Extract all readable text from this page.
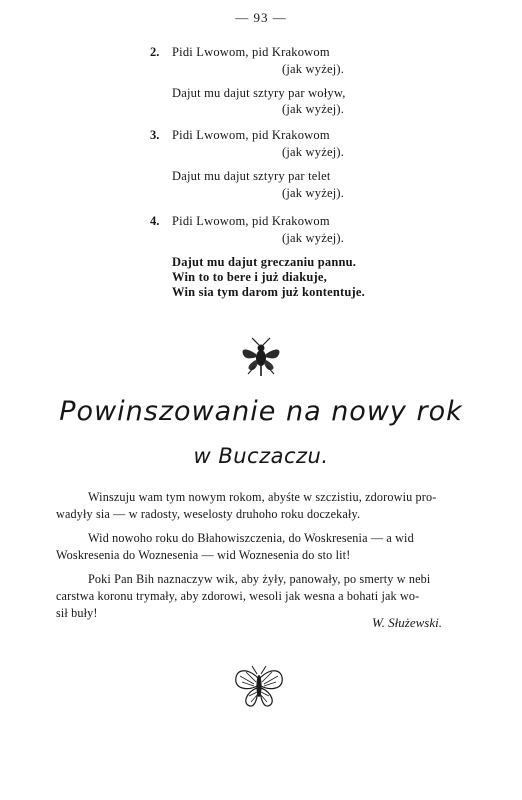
— 93 —
2. Pidi Lwowom, pid Krakowom
(jak wyżej).
Dajut mu dajut sztyry par woływ,
(jak wyżej).
3. Pidi Lwowom, pid Krakowom
(jak wyżej).
Dajut mu dajut sztyry par telet
(jak wyżej).
4. Pidi Lwowom, pid Krakowom
(jak wyżej).
Dajut mu dajut greczaniu pannu.
Win to to bere i już diakuje,
Win sia tym darom już kontentuje.
Powinszowanie na nowy rok
w Buczaczu.
Winszuju wam tym nowym rokom, abyśte w szczistiu, zdorowiu pro-
wadyły sia — w radosty, weselosty druhoho roku doczekały.
Wid nowoho roku do Błahowiszczenia, do Woskresenia — a wid
Woskresenia do Woznesenia — wid Woznesenia do sto lit!
Poki Pan Bih naznaczyw wik, aby żyły, panowały, po smerty w nebi
carstwa koronu trymały, aby zdorowi, wesoli jak wesna a bohati jak wo-
sił buły!
W. Służewski.
